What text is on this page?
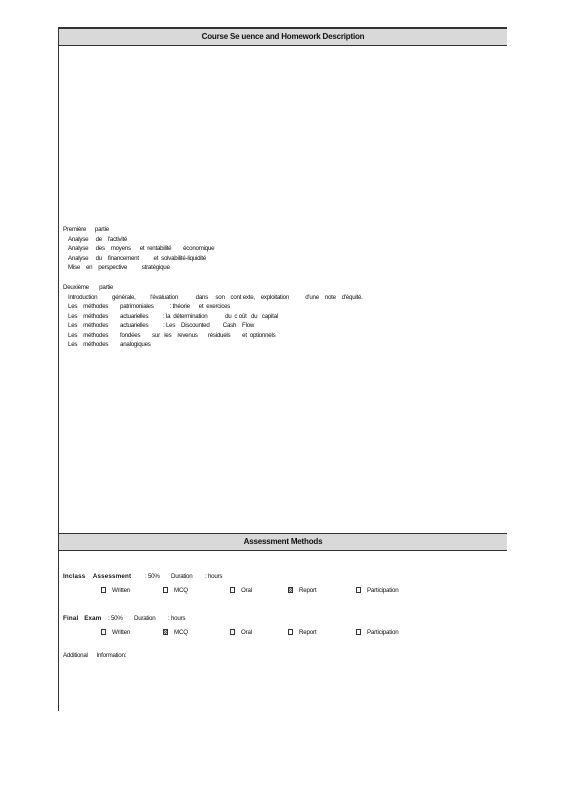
Course Se uence and Homework Description
Assessment Methods
Première      partie
Analyse     de    l'activité
Analyse     des    moyens      et  rentabilité        économique
Analyse     du    financement          et  solvabilité-liquidité
Mise    en    perspective          stratégique
Deuxième       partie
Introduction          générale,          l'évaluation            dans     son    cont exte,    exploitation           d'une    note    d'équité.
Les    méthodes        patrimoniales           : théorie      et  exercices
Les    méthodes        actuarielles          : la  détermination            du  c oût   du   capital
Les    méthodes        actuarielles          : Les    Discounted         Cash    Flow
Les    méthodes        fondées        sur   les    revenus       résiduels        et  optionnels
Les    méthodes        analogiques
Inclass    Assessment : 50% Duration : hours
Written	MCQ	Oral	Report	Participation
Final   Exam : 50% Duration : hours
Written	MCQ	Oral	Report	Participation
Additional      Information:
